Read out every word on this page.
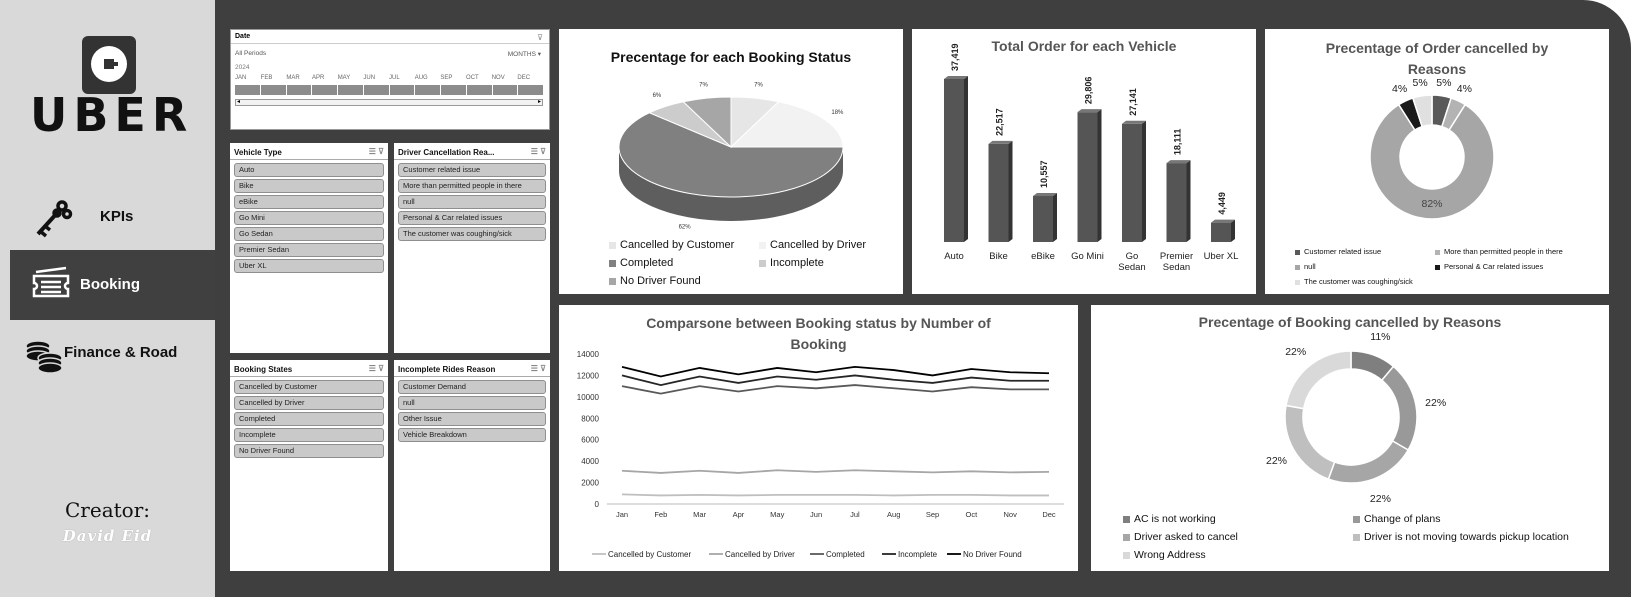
UBER
KPIs
Booking
Finance & Road
Creator:
David Eid
Date	⊽
All Periods	MONTHS ▾
2024
JAN	FEB	MAR	APR	MAY	JUN	JUL	AUG	SEP	OCT	NOV	DEC
◂	▸
Vehicle Type	☰ ⊽
Auto
Bike
eBike
Go Mini
Go Sedan
Premier Sedan
Uber XL
Driver Cancellation Rea...	☰ ⊽
Customer related issue
More than permitted people in there
null
Personal & Car related issues
The customer was coughing/sick
Booking States	☰ ⊽
Cancelled by Customer
Cancelled by Driver
Completed
Incomplete
No Driver Found
Incomplete Rides Reason	☰ ⊽
Customer Demand
null
Other Issue
Vehicle Breakdown
Precentage for each Booking Status
7%
18%
62%
6%
7%
Cancelled by Customer	Cancelled by Driver
Completed	Incomplete
No Driver Found
Total Order for each Vehicle
37,419
Auto
22,517
Bike
10,557
eBike
29,806
Go Mini
27,141
Go
Sedan
18,111
Premier
Sedan
4,449
Uber XL
Precentage of Order cancelled by
Reasons
5%
4%
82%
4%
5%
Customer related issue	More than permitted people in there
null	Personal & Car related issues
The customer was coughing/sick
Comparsone between Booking status by Number of
Booking
14000
12000
10000
8000
6000
4000
2000
0
Jan	Feb	Mar	Apr	May	Jun	Jul	Aug	Sep	Oct	Nov	Dec
Cancelled by Customer	Cancelled by Driver	Completed	Incomplete	No Driver Found
Precentage of Booking cancelled by Reasons
11%
22%
22%
22%
22%
AC is not working	Change of plans
Driver asked to cancel	Driver is not moving towards pickup location
Wrong Address
